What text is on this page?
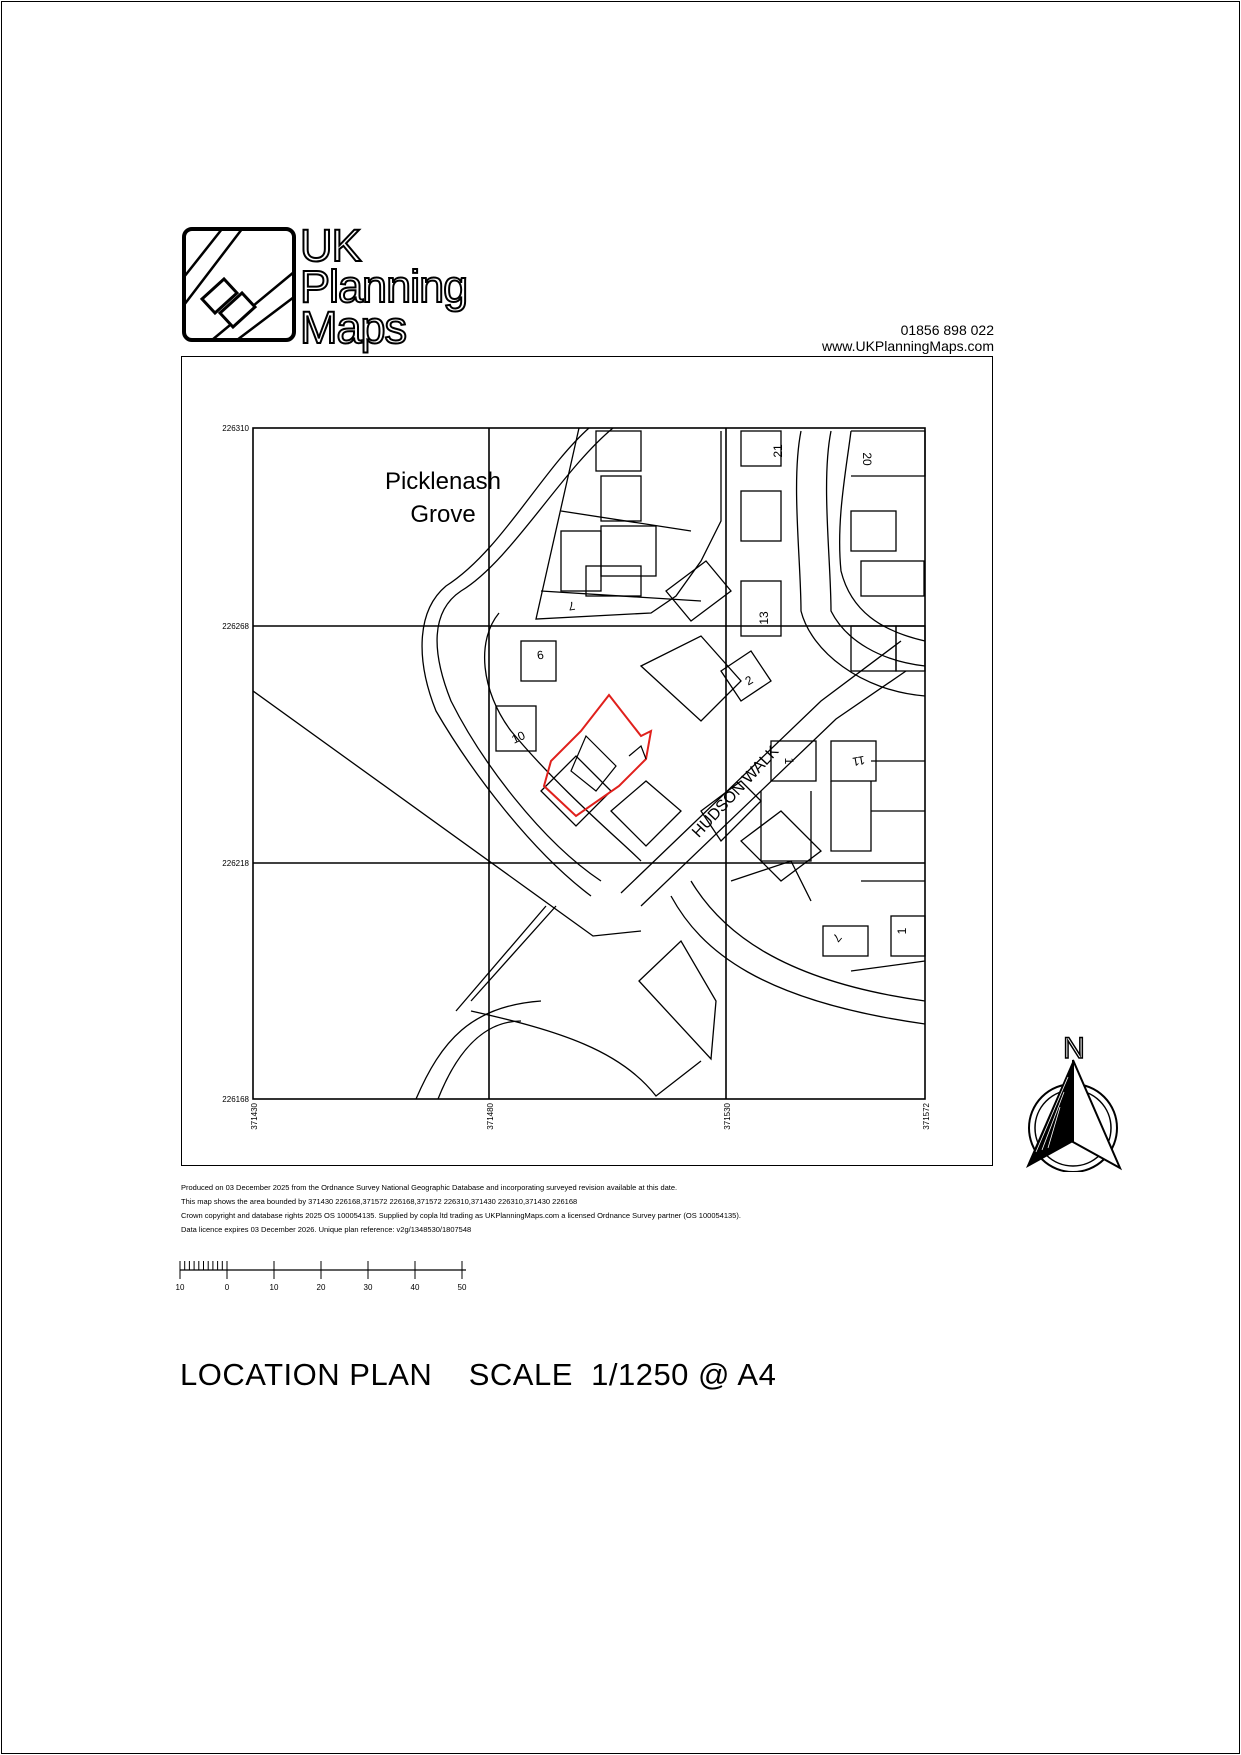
UK
Planning
Maps	01856 898 022
www.UKPlanningMaps.com
226310
226268
226218
226168
371430	371480	371530	371572
Picklenash
Grove
HUDSON WALK
21
20
7
13
6
2
10
1	11
7	1
Produced on 03 December 2025 from the Ordnance Survey National Geographic Database and incorporating surveyed revision available at this date.
This map shows the area bounded by 371430 226168,371572 226168,371572 226310,371430 226310,371430 226168
Crown copyright and database rights 2025 OS 100054135. Supplied by copla ltd trading as UKPlanningMaps.com a licensed Ordnance Survey partner (OS 100054135).
Data licence expires 03 December 2026. Unique plan reference: v2g/1348530/1807548
10	0	10	20	30	40	50
LOCATION PLAN SCALE  1/1250 @ A4
N
